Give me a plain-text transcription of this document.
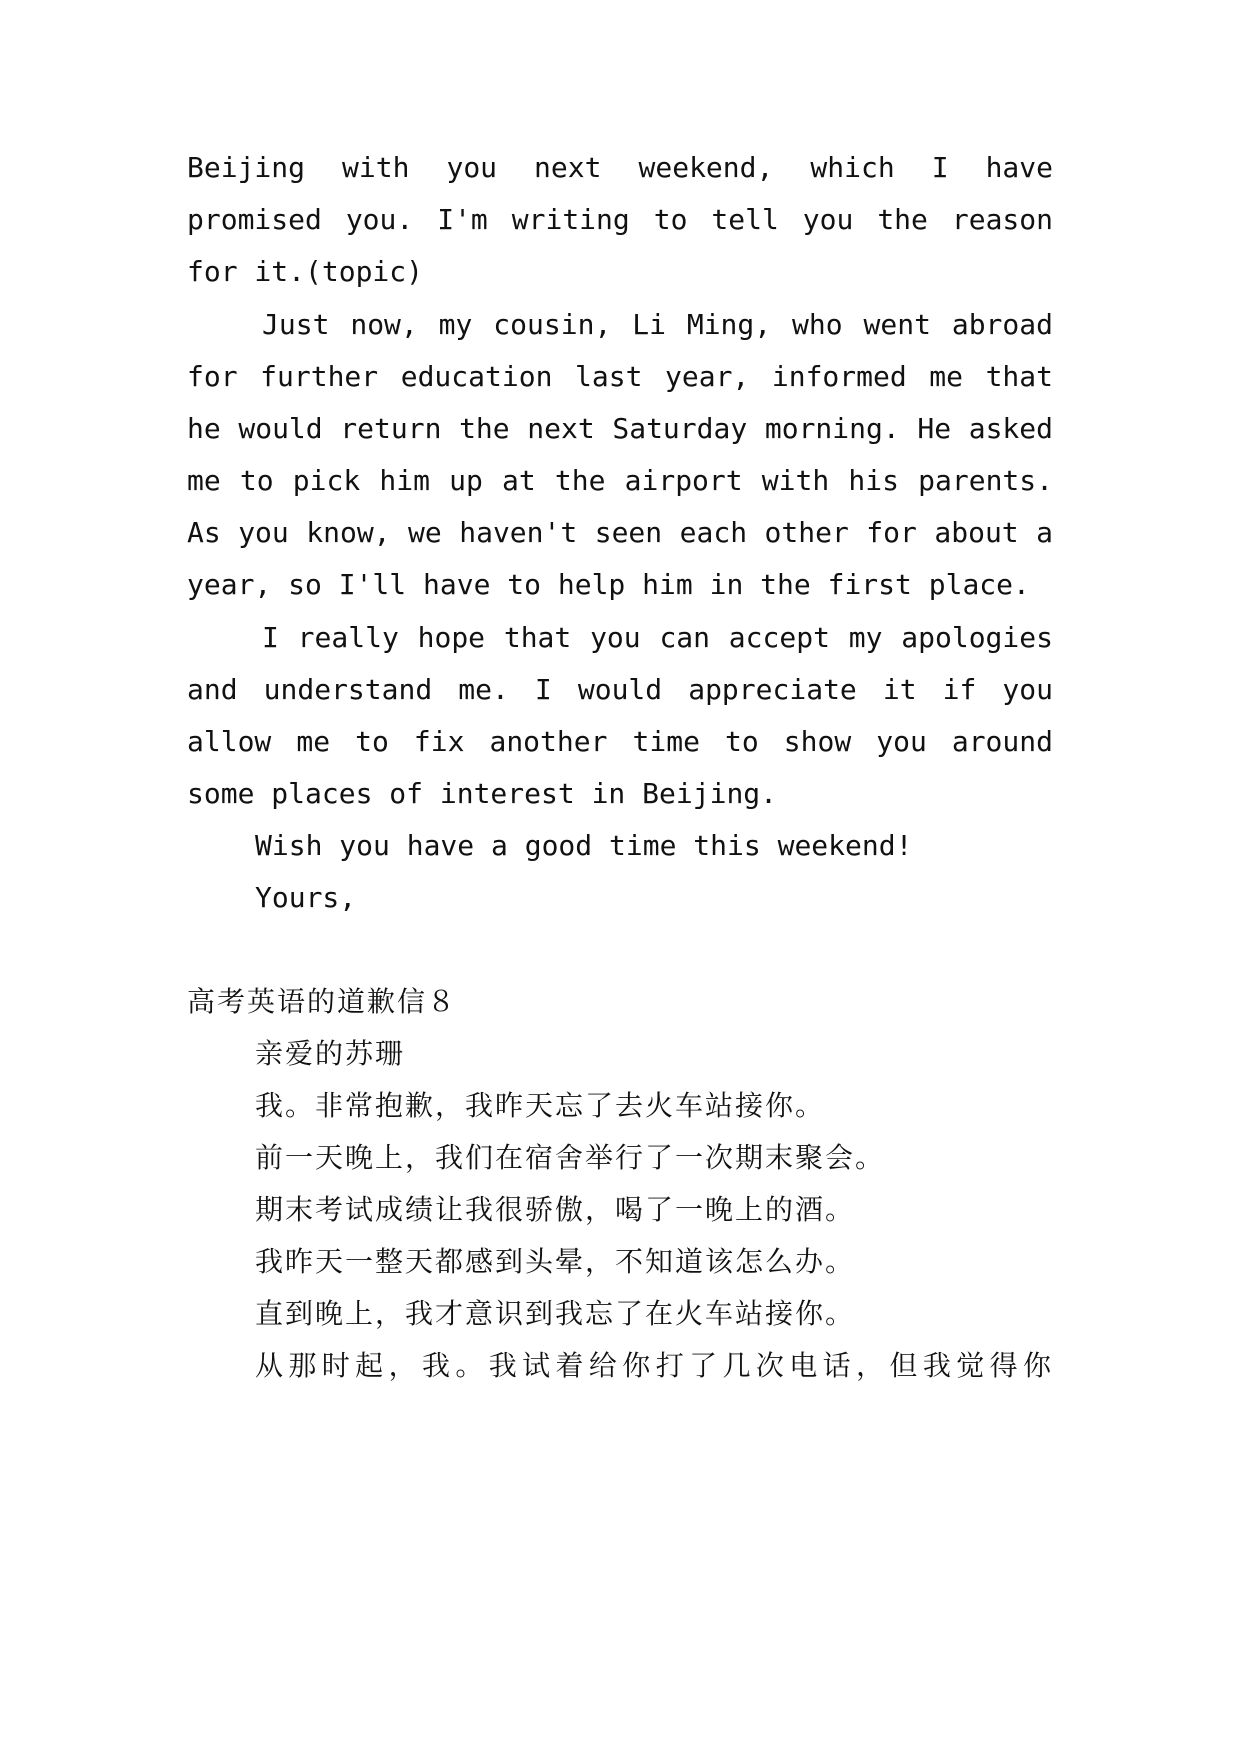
Beijing with you next weekend, which I have
promised you. I'm writing to tell you the reason
for it.(topic)
Just now, my cousin, Li Ming, who went abroad
for further education last year, informed me that
he would return the next Saturday morning. He asked
me to pick him up at the airport with his parents.
As you know, we haven't seen each other for about a
year, so I'll have to help him in the first place.
I really hope that you can accept my apologies
and understand me. I would appreciate it if you
allow me to fix another time to show you around
some places of interest in Beijing.
Wish you have a good time this weekend!
Yours,
高考英语的道歉信８
亲爱的苏珊
我。非常抱歉，我昨天忘了去火车站接你。
前一天晚上，我们在宿舍举行了一次期末聚会。
期末考试成绩让我很骄傲，喝了一晚上的酒。
我昨天一整天都感到头晕，不知道该怎么办。
直到晚上，我才意识到我忘了在火车站接你。
从那时起，我。我试着给你打了几次电话，但我觉得你
